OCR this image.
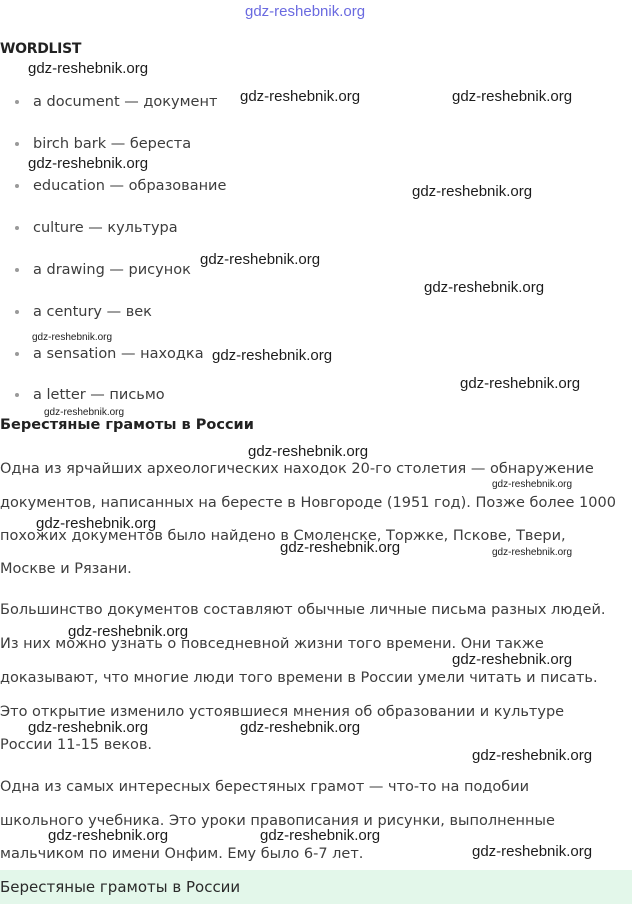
gdz-reshebnik.org
gdz-reshebnik.org
gdz-reshebnik.org	gdz-reshebnik.org
gdz-reshebnik.org
gdz-reshebnik.org
gdz-reshebnik.org
gdz-reshebnik.org
gdz-reshebnik.org
gdz-reshebnik.org
gdz-reshebnik.org
gdz-reshebnik.org
gdz-reshebnik.org
gdz-reshebnik.org
gdz-reshebnik.org
gdz-reshebnik.org	gdz-reshebnik.org
gdz-reshebnik.org
gdz-reshebnik.org
gdz-reshebnik.org	gdz-reshebnik.org
gdz-reshebnik.org
gdz-reshebnik.org	gdz-reshebnik.org
gdz-reshebnik.org
WORDLIST
a document — документ
birch bark — береста
education — образование
culture — культура
a drawing — рисунок
a century — век
a sensation — находка
a letter — письмо
Берестяные грамоты в России
Одна из ярчайших археологических находок 20-го столетия — обнаружение
документов, написанных на бересте в Новгороде (1951 год). Позже более 1000
похожих документов было найдено в Смоленске, Торжке, Пскове, Твери,
Москве и Рязани.
Большинство документов составляют обычные личные письма разных людей.
Из них можно узнать о повседневной жизни того времени. Они также
доказывают, что многие люди того времени в России умели читать и писать.
Это открытие изменило устоявшиеся мнения об образовании и культуре
России 11-15 веков.
Одна из самых интересных берестяных грамот — что-то на подобии
школьного учебника. Это уроки правописания и рисунки, выполненные
мальчиком по имени Онфим. Ему было 6-7 лет.
Берестяные грамоты в России
